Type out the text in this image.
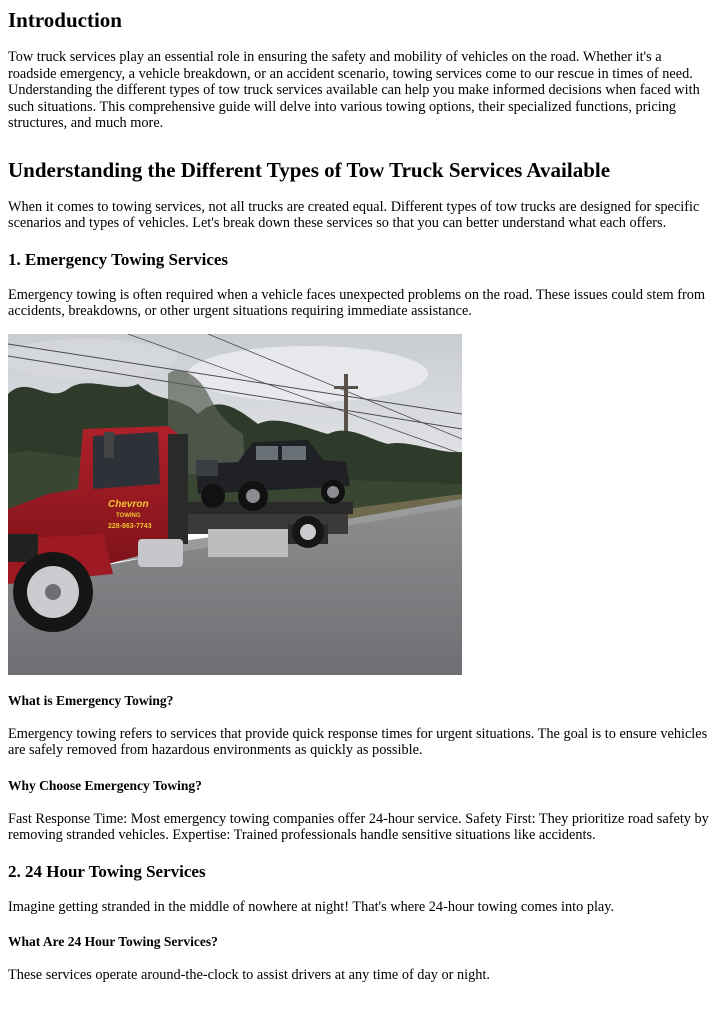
Introduction

Tow truck services play an essential role in ensuring the safety and mobility of vehicles on the road. Whether it's a roadside emergency, a vehicle breakdown, or an accident scenario, towing services come to our rescue in times of need. Understanding the different types of tow truck services available can help you make informed decisions when faced with such situations. This comprehensive guide will delve into various towing options, their specialized functions, pricing structures, and much more.

Understanding the Different Types of Tow Truck Services Available

When it comes to towing services, not all trucks are created equal. Different types of tow trucks are designed for specific scenarios and types of vehicles. Let's break down these services so that you can better understand what each offers.

1. Emergency Towing Services

Emergency towing is often required when a vehicle faces unexpected problems on the road. These issues could stem from accidents, breakdowns, or other urgent situations requiring immediate assistance.

Chevron
TOWING
228-863-7743
What is Emergency Towing?

Emergency towing refers to services that provide quick response times for urgent situations. The goal is to ensure vehicles are safely removed from hazardous environments as quickly as possible.

Why Choose Emergency Towing?

Fast Response Time: Most emergency towing companies offer 24-hour service. Safety First: They prioritize road safety by removing stranded vehicles. Expertise: Trained professionals handle sensitive situations like accidents.

2. 24 Hour Towing Services

Imagine getting stranded in the middle of nowhere at night! That's where 24-hour towing comes into play.

What Are 24 Hour Towing Services?

These services operate around-the-clock to assist drivers at any time of day or night.
